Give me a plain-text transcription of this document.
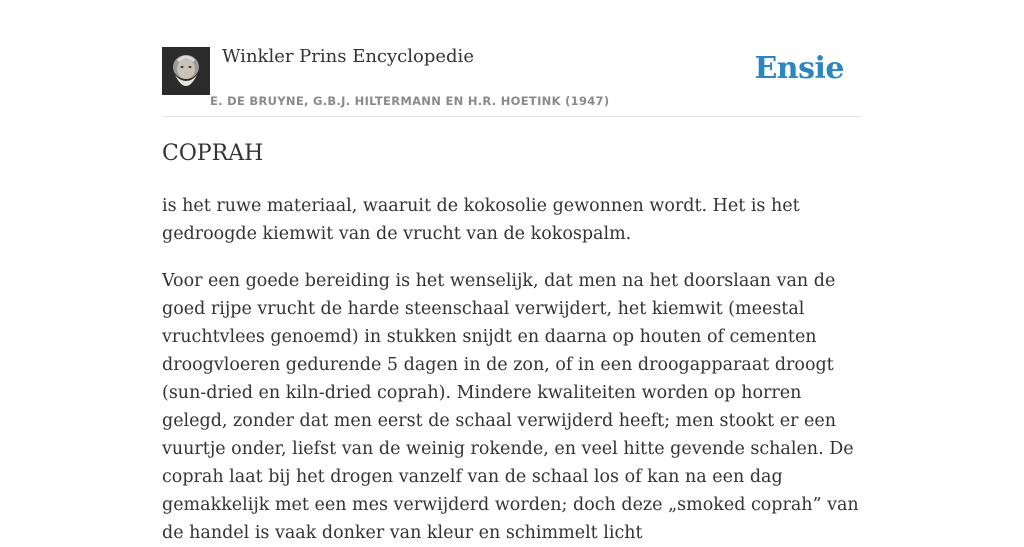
Winkler Prins Encyclopedie
E. DE BRUYNE, G.B.J. HILTERMANN EN H.R. HOETINK (1947)
Ensie
COPRAH

is het ruwe materiaal, waaruit de kokosolie gewonnen wordt. Het is het gedroogde kiemwit van de vrucht van de kokospalm.

Voor een goede bereiding is het wenselijk, dat men na het doorslaan van de goed rijpe vrucht de harde steenschaal verwijdert, het kiemwit (meestal vruchtvlees genoemd) in stukken snijdt en daarna op houten of cementen droogvloeren gedurende 5 dagen in de zon, of in een droogapparaat droogt (sun-dried en kiln-dried coprah). Mindere kwaliteiten worden op horren gelegd, zonder dat men eerst de schaal verwijderd heeft; men stookt er een vuurtje onder, liefst van de weinig rokende, en veel hitte gevende schalen. De coprah laat bij het drogen vanzelf van de schaal los of kan na een dag gemakkelijk met een mes verwijderd worden; doch deze „smoked coprah” van de handel is vaak donker van kleur en schimmelt licht
